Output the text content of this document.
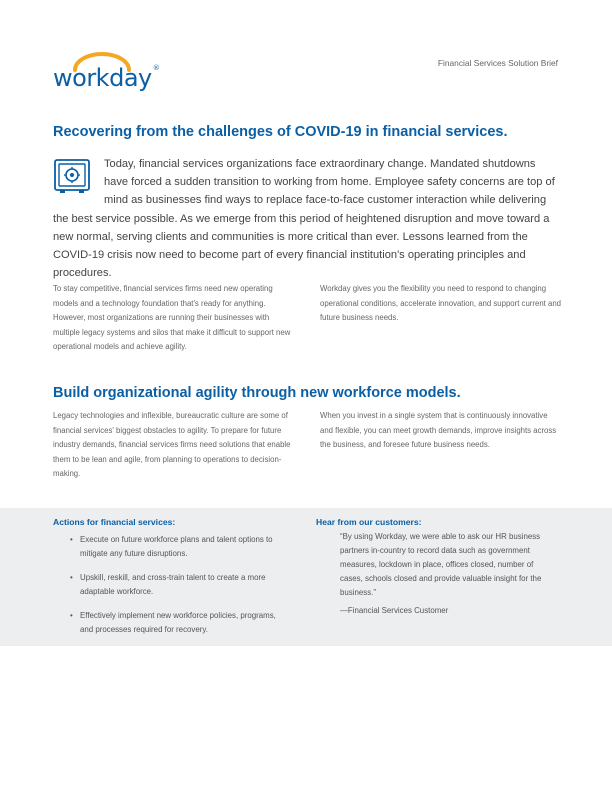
workday®	Financial Services Solution Brief
Recovering from the challenges of COVID-19 in financial services.

Today, financial services organizations face extraordinary change. Mandated shutdowns have forced a sudden transition to working from home. Employee safety concerns are top of mind as businesses find ways to replace face-to-face customer interaction while delivering the best service possible. As we emerge from this period of heightened disruption and move toward a new normal, serving clients and communities is more critical than ever. Lessons learned from the COVID-19 crisis now need to become part of every financial institution's operating principles and procedures.

To stay competitive, financial services firms need new operating models and a technology foundation that's ready for anything. However, most organizations are running their businesses with multiple legacy systems and silos that make it difficult to support new operational models and achieve agility.

Workday gives you the flexibility you need to respond to changing operational conditions, accelerate innovation, and support current and future business needs.

Build organizational agility through new workforce models.

Legacy technologies and inflexible, bureaucratic culture are some of financial services' biggest obstacles to agility. To prepare for future industry demands, financial services firms need solutions that enable them to be lean and agile, from planning to operations to decision-making.

When you invest in a single system that is continuously innovative and flexible, you can meet growth demands, improve insights across the business, and foresee future business needs.

Actions for financial services:
• Execute on future workforce plans and talent options to mitigate any future disruptions.
• Upskill, reskill, and cross-train talent to create a more adaptable workforce.
• Effectively implement new workforce policies, programs, and processes required for recovery.
Hear from our customers:

“By using Workday, we were able to ask our HR business partners in-country to record data such as government measures, lockdown in place, offices closed, number of cases, schools closed and provide valuable insight for the business.”

—Financial Services Customer
